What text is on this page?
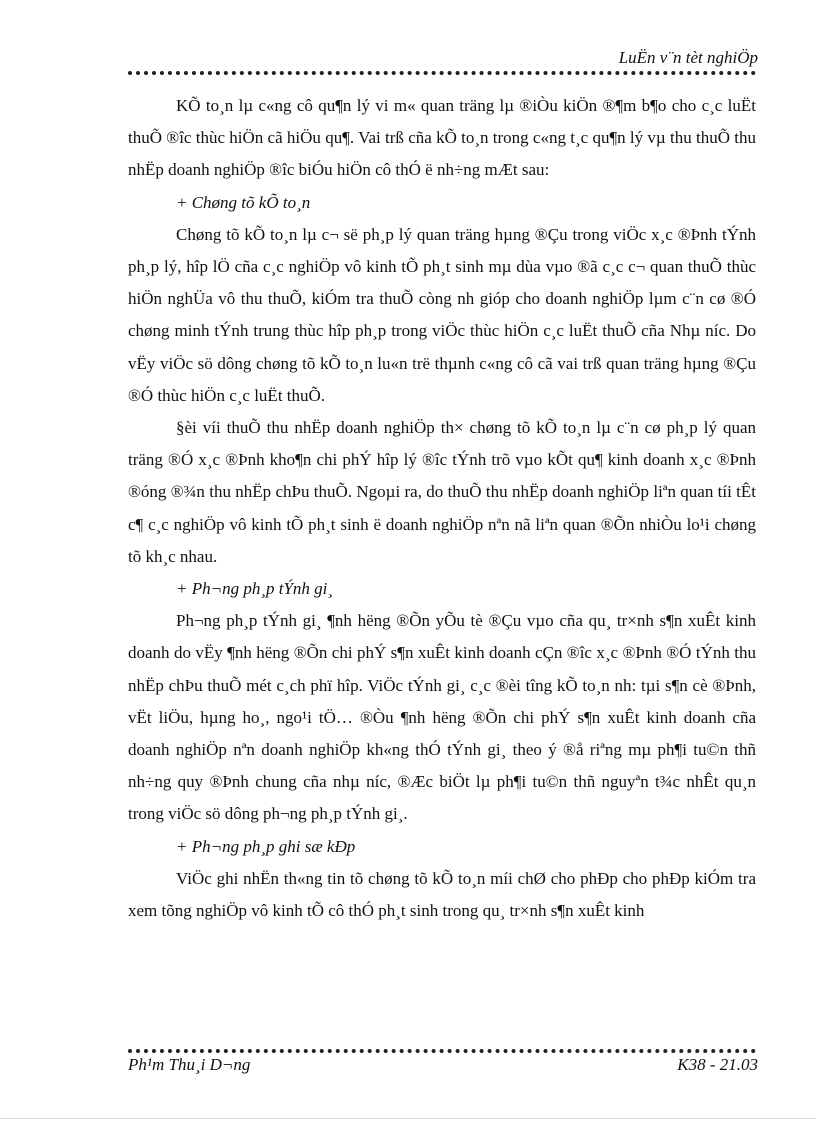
LuËn v¨n tèt nghiÖp

KÕ to¸n lµ c«ng cô qu¶n lý vi m« quan träng lµ ®iÒu kiÖn ®¶m b¶o cho c¸c luËt thuÕ ®îc thùc hiÖn cã hiÖu qu¶. Vai trß cña kÕ to¸n trong c«ng t¸c qu¶n lý vµ thu thuÕ thu nhËp doanh nghiÖp ®îc biÓu hiÖn cô thÓ ë nh÷ng mÆt sau:

+ Chøng tõ kÕ to¸n

Chøng tõ kÕ to¸n lµ c¬ së ph¸p lý quan träng hµng ®Çu trong viÖc x¸c ®Þnh tÝnh ph¸p lý, hîp lÖ cña c¸c nghiÖp vô kinh tÕ ph¸t sinh mµ dùa vµo ®ã c¸c c¬ quan thuÕ thùc hiÖn nghÜa vô thu thuÕ, kiÓm tra thuÕ còng nh gióp cho doanh nghiÖp lµm c¨n cø ®Ó chøng minh tÝnh trung thùc hîp ph¸p trong viÖc thùc hiÖn c¸c luËt thuÕ cña Nhµ níc. Do vËy viÖc sö dông chøng tõ kÕ to¸n lu«n trë thµnh c«ng cô cã vai trß quan träng hµng ®Çu ®Ó thùc hiÖn c¸c luËt thuÕ.

§èi víi thuÕ thu nhËp doanh nghiÖp th× chøng tõ kÕ to¸n lµ c¨n cø ph¸p lý quan träng ®Ó x¸c ®Þnh kho¶n chi phÝ hîp lý ®îc tÝnh trõ vµo kÕt qu¶ kinh doanh x¸c ®Þnh ®óng ®¾n thu nhËp chÞu thuÕ. Ngoµi ra, do thuÕ thu nhËp doanh nghiÖp liªn quan tíi tÊt c¶ c¸c nghiÖp vô kinh tÕ ph¸t sinh ë doanh nghiÖp nªn nã liªn quan ®Õn nhiÒu lo¹i chøng tõ kh¸c nhau.

+ Ph¬ng ph¸p tÝnh gi¸

Ph¬ng ph¸p tÝnh gi¸ ¶nh hëng ®Õn yÕu tè ®Çu vµo cña qu¸ tr×nh s¶n xuÊt kinh doanh do vËy ¶nh hëng ®Õn chi phÝ s¶n xuÊt kinh doanh cÇn ®îc x¸c ®Þnh ®Ó tÝnh thu nhËp chÞu thuÕ mét c¸ch phï hîp. ViÖc tÝnh gi¸ c¸c ®èi tîng kÕ to¸n nh: tµi s¶n cè ®Þnh, vËt liÖu, hµng ho¸, ngo¹i tÖ… ®Òu ¶nh hëng ®Õn chi phÝ s¶n xuÊt kinh doanh cña doanh nghiÖp nªn doanh nghiÖp kh«ng thÓ tÝnh gi¸ theo ý ®å riªng mµ ph¶i tu©n thñ nh÷ng quy ®Þnh chung cña nhµ níc, ®Æc biÖt lµ ph¶i tu©n thñ nguyªn t¾c nhÊt qu¸n trong viÖc sö dông ph¬ng ph¸p tÝnh gi¸.

+ Ph¬ng ph¸p ghi sæ kÐp

ViÖc ghi nhËn th«ng tin tõ chøng tõ kÕ to¸n míi chØ cho phÐp cho phÐp kiÓm tra xem tõng nghiÖp vô kinh tÕ cô thÓ ph¸t sinh trong qu¸ tr×nh s¶n xuÊt kinh

Ph¹m Thu¸i D¬ng	K38 - 21.03
